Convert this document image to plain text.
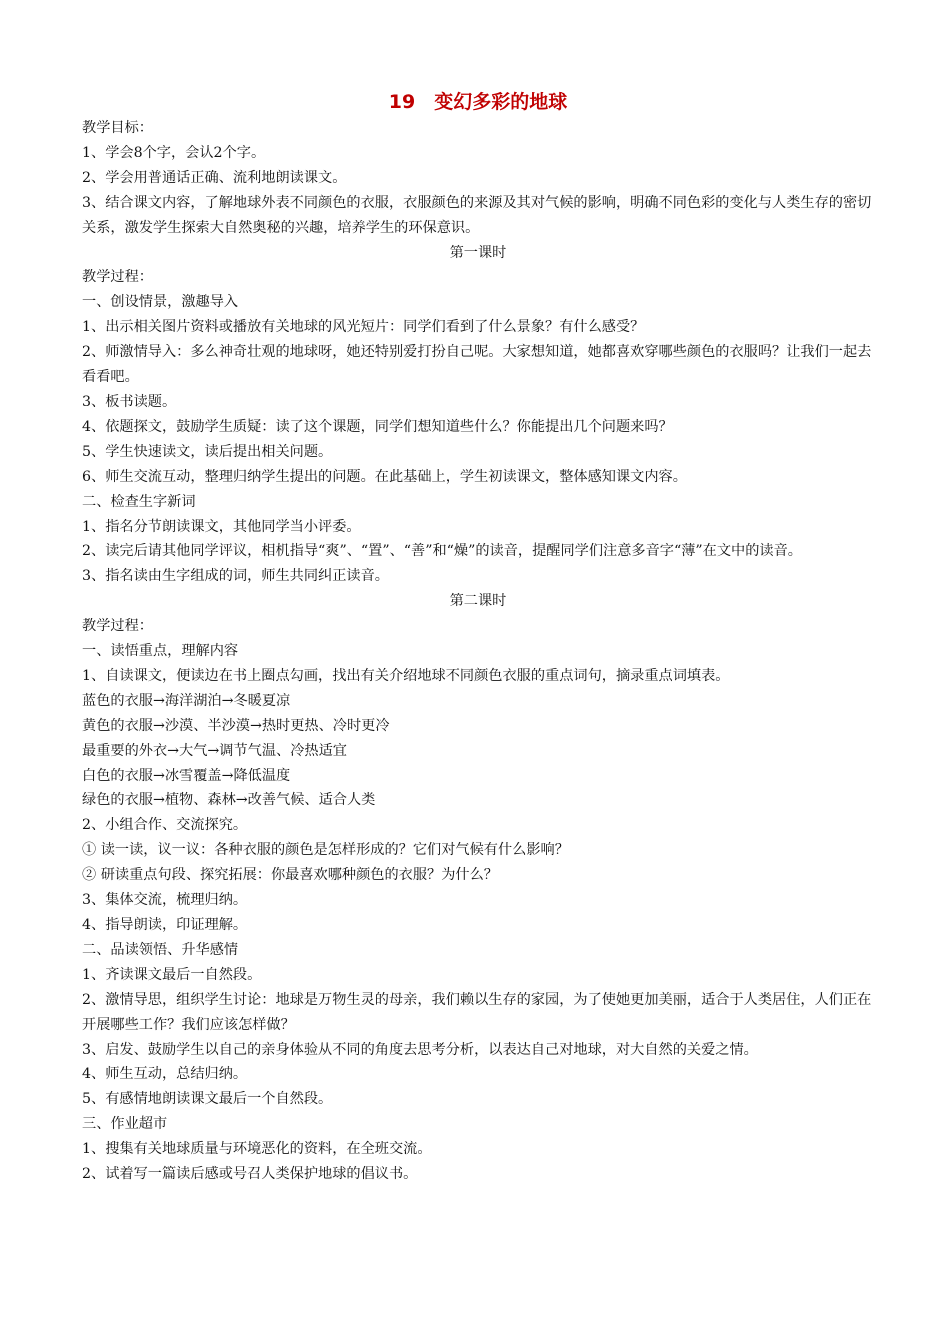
19　变幻多彩的地球
教学目标：
1、学会8个字，会认2个字。
2、学会用普通话正确、流利地朗读课文。
3、结合课文内容，了解地球外表不同颜色的衣服，衣服颜色的来源及其对气候的影响，明确不同色彩的变化与人类生存的密切关系，激发学生探索大自然奥秘的兴趣，培养学生的环保意识。
第一课时
教学过程：
一、创设情景，激趣导入
1、出示相关图片资料或播放有关地球的风光短片：同学们看到了什么景象？有什么感受？
2、师激情导入：多么神奇壮观的地球呀，她还特别爱打扮自己呢。大家想知道，她都喜欢穿哪些颜色的衣服吗？让我们一起去看看吧。
3、板书读题。
4、依题探文，鼓励学生质疑：读了这个课题，同学们想知道些什么？你能提出几个问题来吗？
5、学生快速读文，读后提出相关问题。
6、师生交流互动，整理归纳学生提出的问题。在此基础上，学生初读课文，整体感知课文内容。
二、检查生字新词
1、指名分节朗读课文，其他同学当小评委。
2、读完后请其他同学评议，相机指导“爽”、“置”、“善”和“燥”的读音，提醒同学们注意多音字“薄”在文中的读音。
3、指名读由生字组成的词，师生共同纠正读音。
第二课时
教学过程：
一、读悟重点，理解内容
1、自读课文，便读边在书上圈点勾画，找出有关介绍地球不同颜色衣服的重点词句，摘录重点词填表。
蓝色的衣服→海洋湖泊→冬暖夏凉
黄色的衣服→沙漠、半沙漠→热时更热、冷时更冷
最重要的外衣→大气→调节气温、冷热适宜
白色的衣服→冰雪覆盖→降低温度
绿色的衣服→植物、森林→改善气候、适合人类
2、小组合作、交流探究。
① 读一读，议一议：各种衣服的颜色是怎样形成的？它们对气候有什么影响？
② 研读重点句段、探究拓展：你最喜欢哪种颜色的衣服？为什么？
3、集体交流，梳理归纳。
4、指导朗读，印证理解。
二、品读领悟、升华感情
1、齐读课文最后一自然段。
2、激情导思，组织学生讨论：地球是万物生灵的母亲，我们赖以生存的家园，为了使她更加美丽，适合于人类居住，人们正在开展哪些工作？我们应该怎样做？
3、启发、鼓励学生以自己的亲身体验从不同的角度去思考分析，以表达自己对地球，对大自然的关爱之情。
4、师生互动，总结归纳。
5、有感情地朗读课文最后一个自然段。
三、作业超市
1、搜集有关地球质量与环境恶化的资料，在全班交流。
2、试着写一篇读后感或号召人类保护地球的倡议书。
